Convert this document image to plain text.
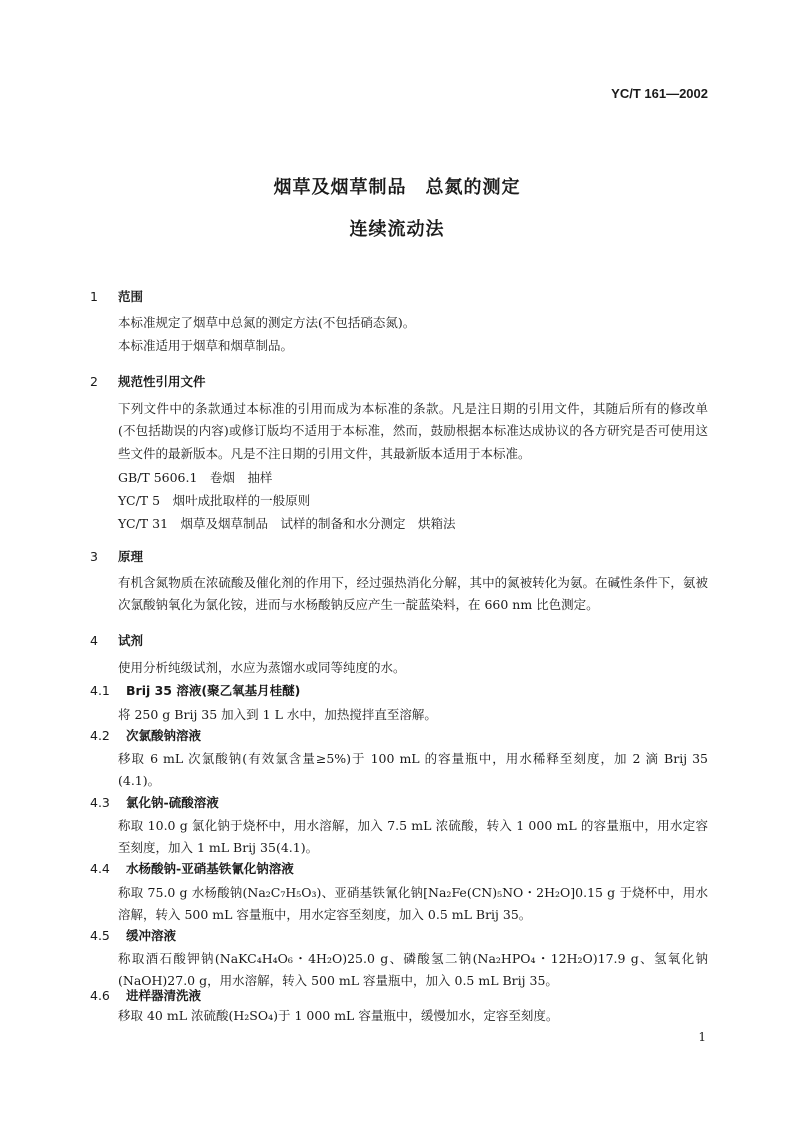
YC/T 161—2002
烟草及烟草制品　总氮的测定
连续流动法
1 范围
本标准规定了烟草中总氮的测定方法(不包括硝态氮)。
本标准适用于烟草和烟草制品。
2 规范性引用文件
下列文件中的条款通过本标准的引用而成为本标准的条款。凡是注日期的引用文件，其随后所有的修改单(不包括勘误的内容)或修订版均不适用于本标准，然而，鼓励根据本标准达成协议的各方研究是否可使用这些文件的最新版本。凡是不注日期的引用文件，其最新版本适用于本标准。
GB/T 5606.1　卷烟　抽样
YC/T 5　烟叶成批取样的一般原则
YC/T 31　烟草及烟草制品　试样的制备和水分测定　烘箱法
3 原理
有机含氮物质在浓硫酸及催化剂的作用下，经过强热消化分解，其中的氮被转化为氨。在碱性条件下，氨被次氯酸钠氧化为氯化铵，进而与水杨酸钠反应产生一靛蓝染料，在 660 nm 比色测定。
4 试剂
使用分析纯级试剂，水应为蒸馏水或同等纯度的水。
4.1 Brij 35 溶液(聚乙氧基月桂醚)
将 250 g Brij 35 加入到 1 L 水中，加热搅拌直至溶解。
4.2 次氯酸钠溶液
移取 6 mL 次氯酸钠(有效氯含量≥5%)于 100 mL 的容量瓶中，用水稀释至刻度，加 2 滴 Brij 35 (4.1)。
4.3 氯化钠-硫酸溶液
称取 10.0 g 氯化钠于烧杯中，用水溶解，加入 7.5 mL 浓硫酸，转入 1 000 mL 的容量瓶中，用水定容至刻度，加入 1 mL Brij 35(4.1)。
4.4 水杨酸钠-亚硝基铁氰化钠溶液
称取 75.0 g 水杨酸钠(Na₂C₇H₅O₃)、亚硝基铁氰化钠[Na₂Fe(CN)₅NO・2H₂O]0.15 g 于烧杯中，用水溶解，转入 500 mL 容量瓶中，用水定容至刻度，加入 0.5 mL Brij 35。
4.5 缓冲溶液
称取酒石酸钾钠(NaKC₄H₄O₆・4H₂O)25.0 g、磷酸氢二钠(Na₂HPO₄・12H₂O)17.9 g、氢氧化钠(NaOH)27.0 g，用水溶解，转入 500 mL 容量瓶中，加入 0.5 mL Brij 35。
4.6 进样器清洗液
移取 40 mL 浓硫酸(H₂SO₄)于 1 000 mL 容量瓶中，缓慢加水，定容至刻度。
1
